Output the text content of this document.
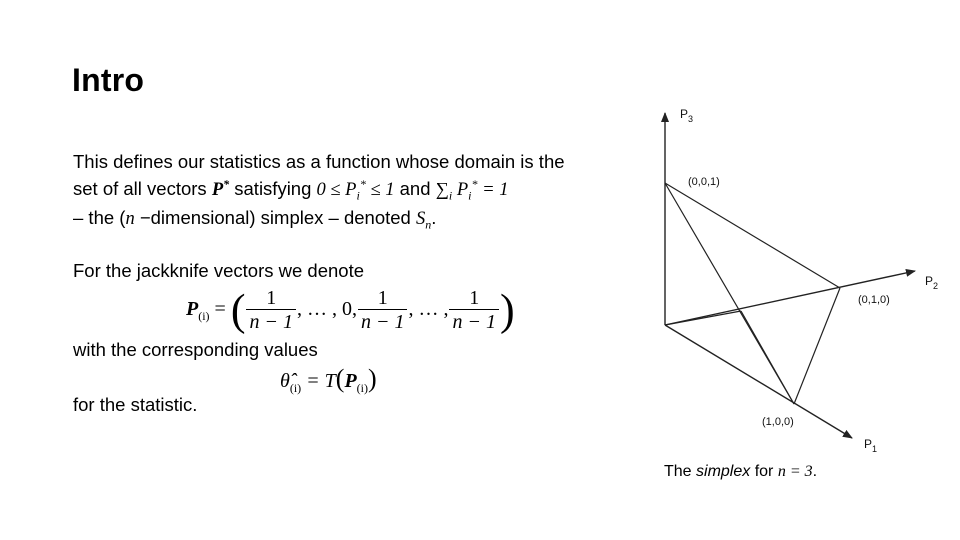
Intro
This defines our statistics as a function whose domain is the
set of all vectors P* satisfying $0 \le P_i^* \le 1$ and $\sum_i$ $P_i^* = 1$
– the (n −dimensional) simplex – denoted $S_n$.
For the jackknife vectors we denote
$P_{(i)}$ = ( $\frac{1}{n - 1}$ , … , 0, $\frac{1}{n - 1}$ , … , $\frac{1}{n - 1}$ )
with the corresponding values
$\thetâ_{(i)} = T(P_{(i)})$
for the statistic.
$P_3$
$P_2$
$P_1$
(0,0,1)
(0,1,0)
(1,0,0)
The simplex for n = 3.
